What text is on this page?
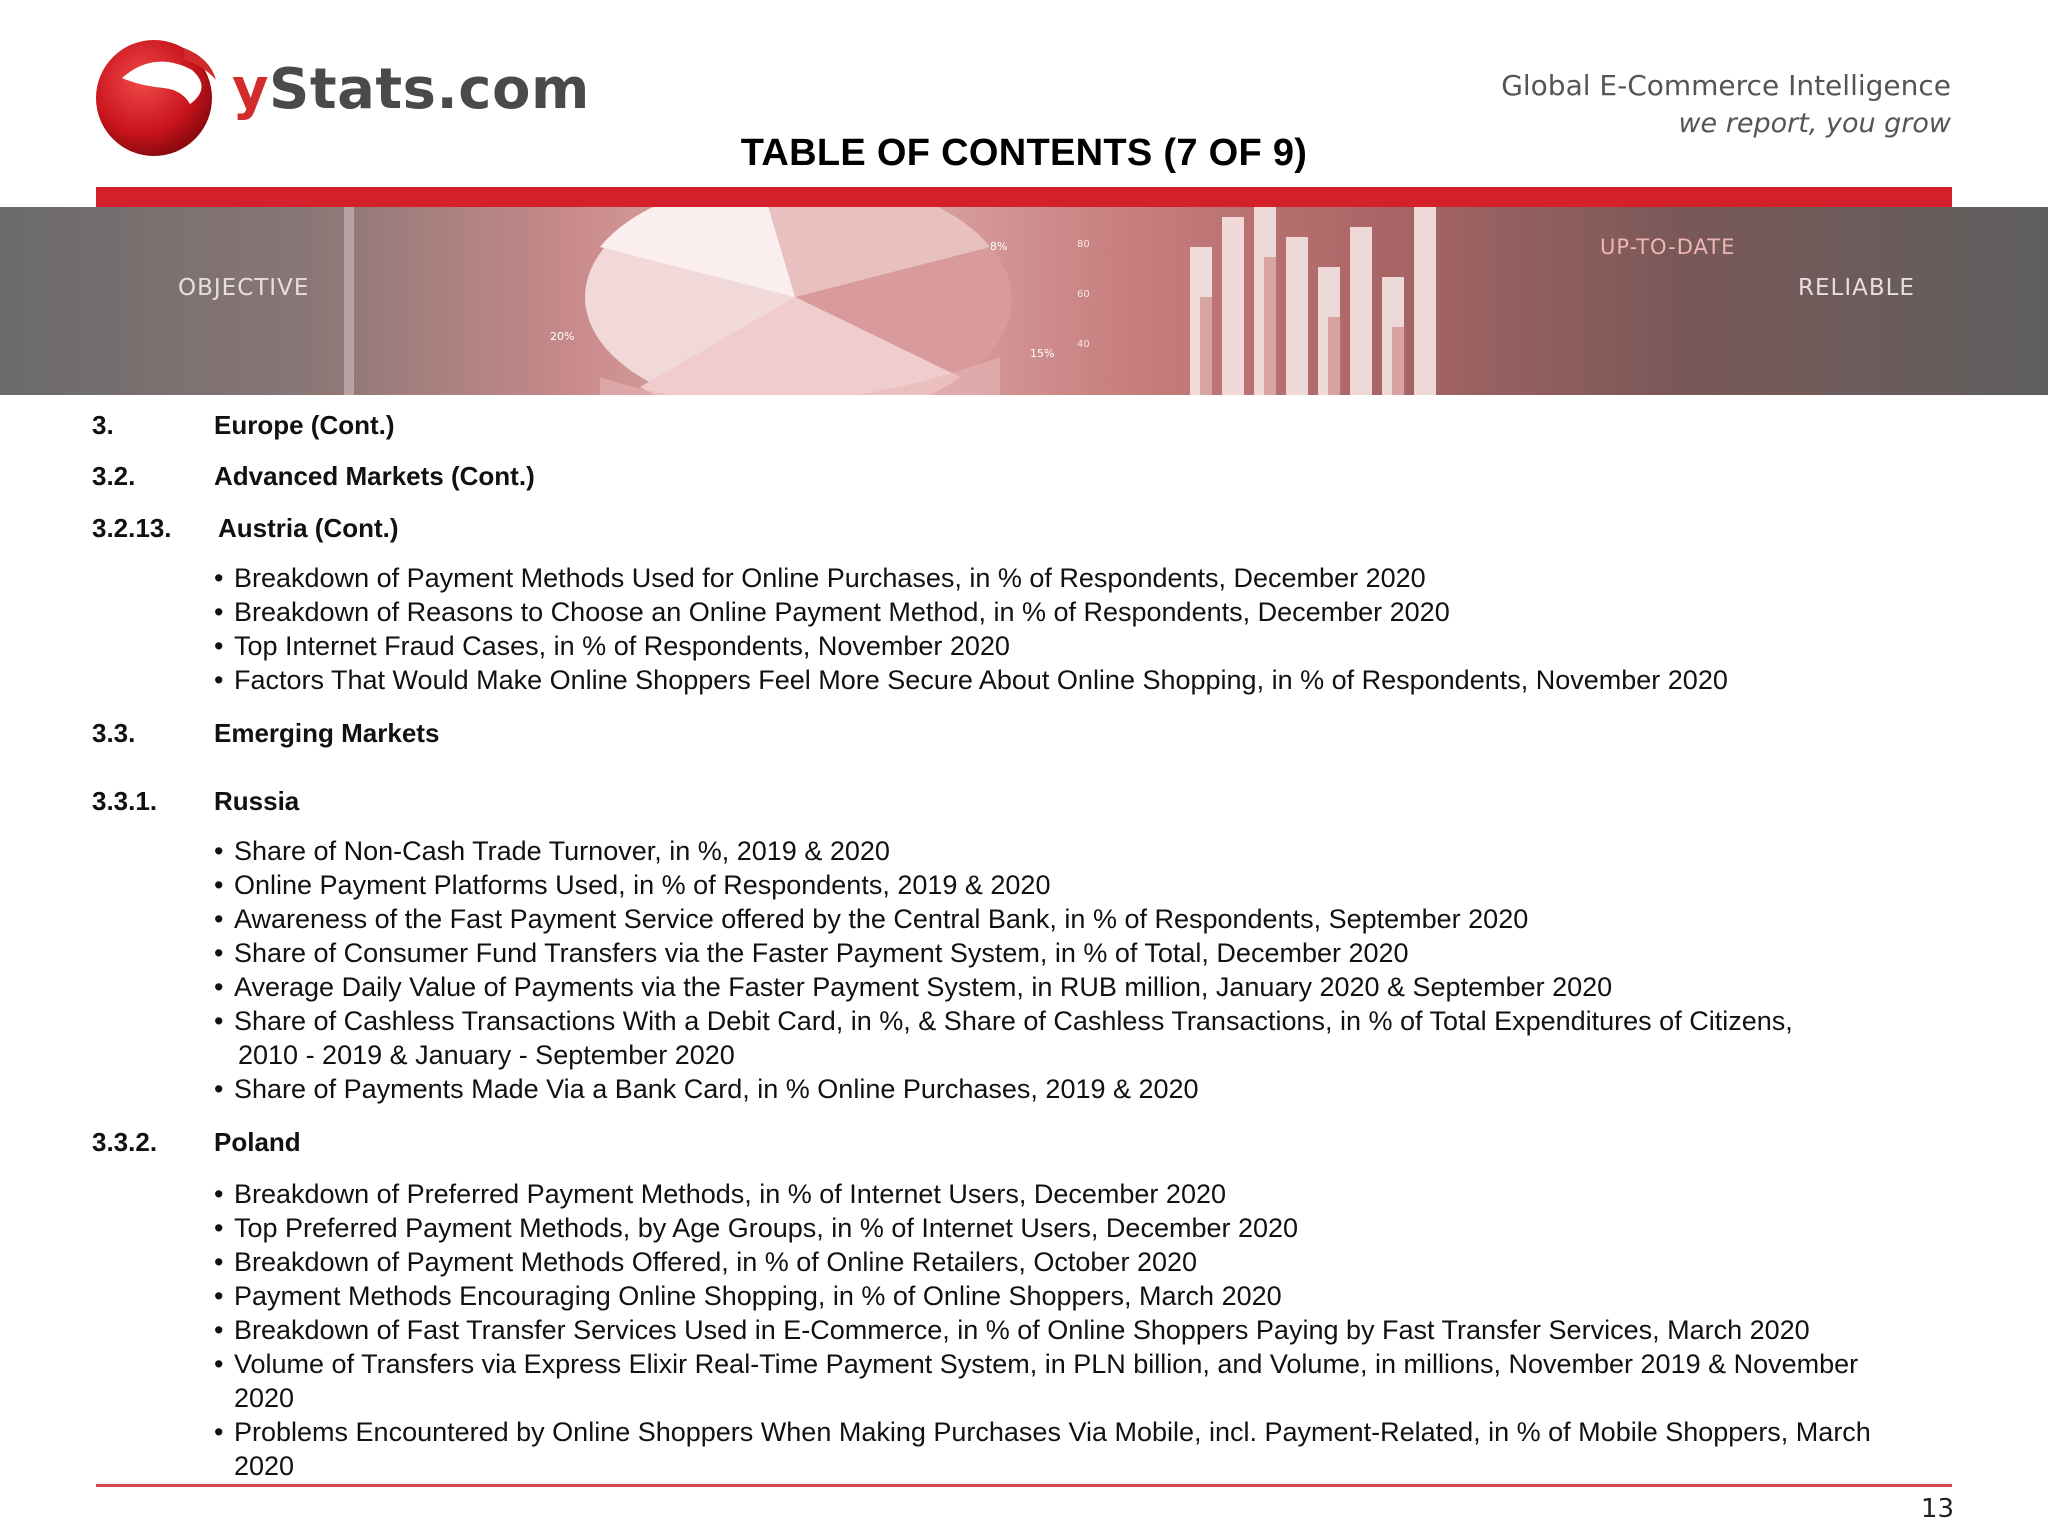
yStats.com	Global E-Commerce Intelligence
we report, you grow
TABLE OF CONTENTS (7 OF 9)
80
60
40
20%
8%
15%
OBJECTIVE
UP-TO-DATE
RELIABLE
3.	Europe (Cont.)
3.2.	Advanced Markets (Cont.)
3.2.13. Austria (Cont.)
• Breakdown of Payment Methods Used for Online Purchases, in % of Respondents, December 2020
• Breakdown of Reasons to Choose an Online Payment Method, in % of Respondents, December 2020
• Top Internet Fraud Cases, in % of Respondents, November 2020
• Factors That Would Make Online Shoppers Feel More Secure About Online Shopping, in % of Respondents, November 2020
3.3.	Emerging Markets
3.3.1. Russia
• Share of Non-Cash Trade Turnover, in %, 2019 & 2020
• Online Payment Platforms Used, in % of Respondents, 2019 & 2020
• Awareness of the Fast Payment Service offered by the Central Bank, in % of Respondents, September 2020
• Share of Consumer Fund Transfers via the Faster Payment System, in % of Total, December 2020
• Average Daily Value of Payments via the Faster Payment System, in RUB million, January 2020 & September 2020
• Share of Cashless Transactions With a Debit Card, in %, & Share of Cashless Transactions, in % of Total Expenditures of Citizens,
2010 - 2019 & January - September 2020
• Share of Payments Made Via a Bank Card, in % Online Purchases, 2019 & 2020
3.3.2. Poland
• Breakdown of Preferred Payment Methods, in % of Internet Users, December 2020
• Top Preferred Payment Methods, by Age Groups, in % of Internet Users, December 2020
• Breakdown of Payment Methods Offered, in % of Online Retailers, October 2020
• Payment Methods Encouraging Online Shopping, in % of Online Shoppers, March 2020
• Breakdown of Fast Transfer Services Used in E-Commerce, in % of Online Shoppers Paying by Fast Transfer Services, March 2020
• Volume of Transfers via Express Elixir Real-Time Payment System, in PLN billion, and Volume, in millions, November 2019 & November
2020
• Problems Encountered by Online Shoppers When Making Purchases Via Mobile, incl. Payment-Related, in % of Mobile Shoppers, March
2020
13
